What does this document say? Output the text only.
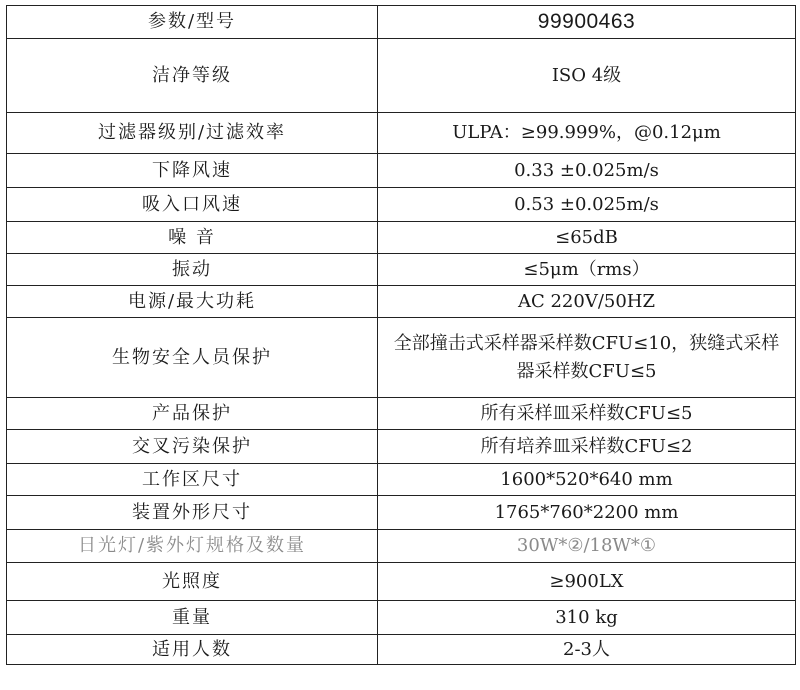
参数/型号	99900463
洁净等级	ISO 4级
过滤器级别/过滤效率	ULPA：≥99.999%，@0.12μm
下降风速	0.33 ±0.025m/s
吸入口风速	0.53 ±0.025m/s
噪 音	≤65dB
振动	≤5μm（rms）
电源/最大功耗	AC 220V/50HZ
生物安全人员保护	全部撞击式采样器采样数CFU≤10，狭缝式采样器采样数CFU≤5
产品保护	所有采样皿采样数CFU≤5
交叉污染保护	所有培养皿采样数CFU≤2
工作区尺寸	1600*520*640 mm
装置外形尺寸	1765*760*2200 mm
日光灯/紫外灯规格及数量	30W*②/18W*①
光照度	≥900LX
重量	310 kg
适用人数	2-3人
